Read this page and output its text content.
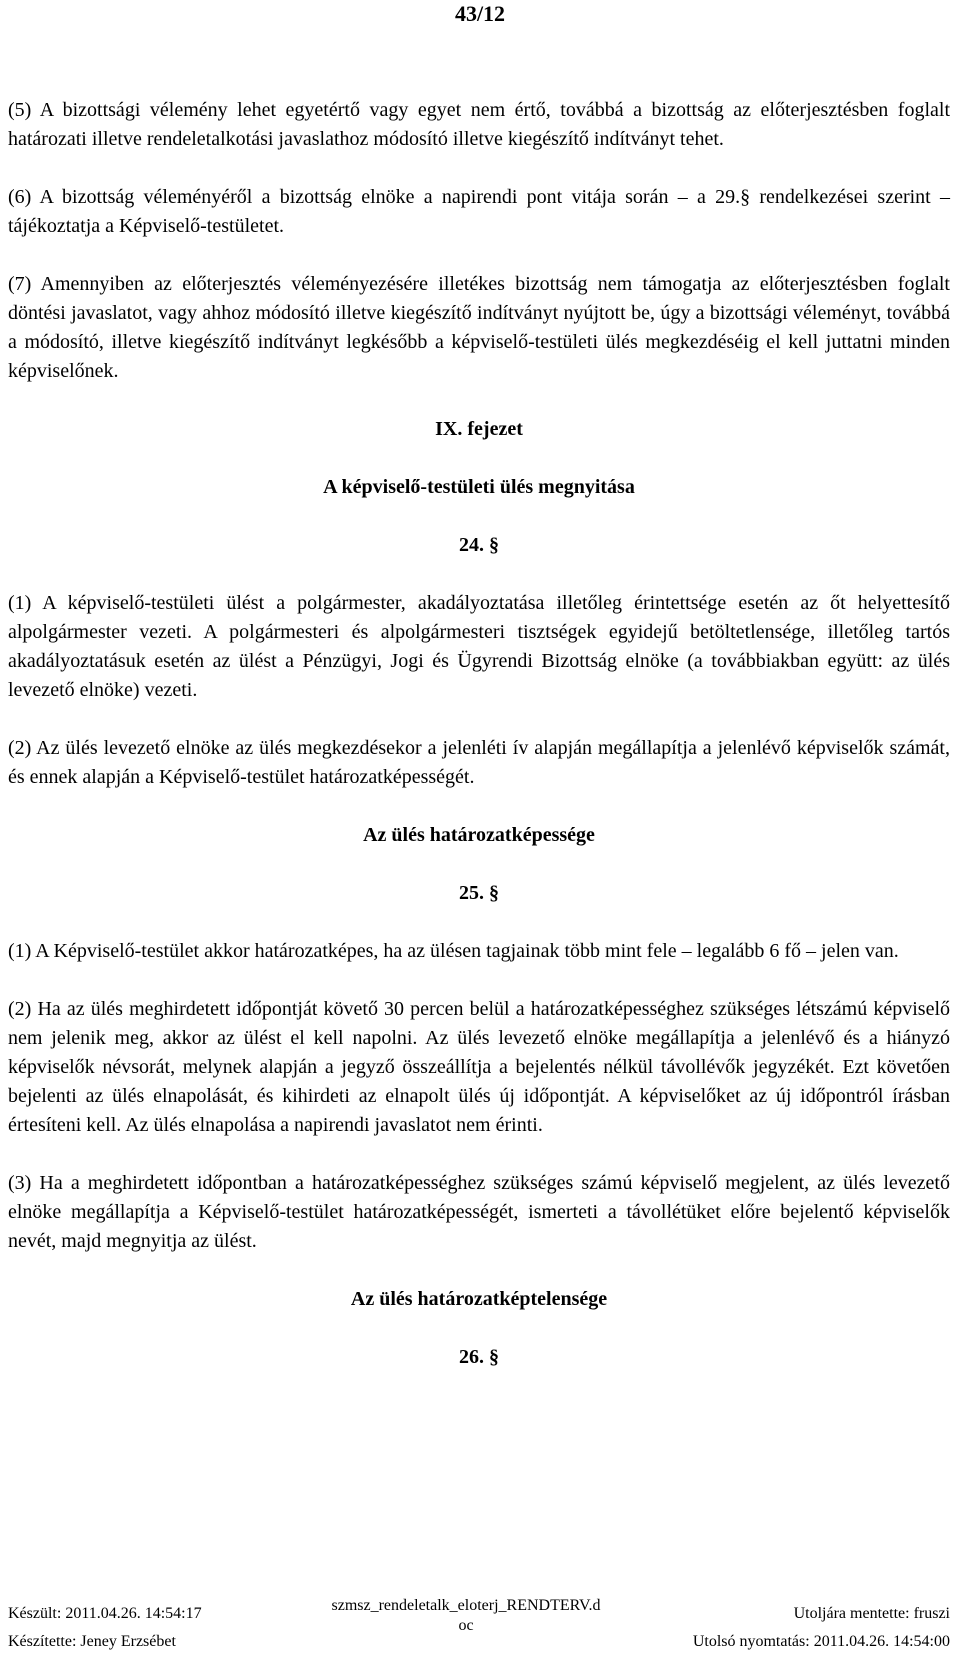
43/12

(5) A bizottsági vélemény lehet egyetértő vagy egyet nem értő, továbbá a bizottság az előterjesztésben foglalt határozati illetve rendeletalkotási javaslathoz módosító illetve kiegészítő indítványt tehet.

(6) A bizottság véleményéről a bizottság elnöke a napirendi pont vitája során – a 29.§ rendelkezései szerint – tájékoztatja a Képviselő-testületet.

(7) Amennyiben az előterjesztés véleményezésére illetékes bizottság nem támogatja az előterjesztésben foglalt döntési javaslatot, vagy ahhoz módosító illetve kiegészítő indítványt nyújtott be, úgy a bizottsági véleményt, továbbá a módosító, illetve kiegészítő indítványt legkésőbb a képviselő-testületi ülés megkezdéséig el kell juttatni minden képviselőnek.

IX. fejezet

A képviselő-testületi ülés megnyitása

24. §

(1) A képviselő-testületi ülést a polgármester, akadályoztatása illetőleg érintettsége esetén az őt helyettesítő alpolgármester vezeti. A polgármesteri és alpolgármesteri tisztségek egyidejű betöltetlensége, illetőleg tartós akadályoztatásuk esetén az ülést a Pénzügyi, Jogi és Ügyrendi Bizottság elnöke (a továbbiakban együtt: az ülés levezető elnöke) vezeti.

(2) Az ülés levezető elnöke az ülés megkezdésekor a jelenléti ív alapján megállapítja a jelenlévő képviselők számát, és ennek alapján a Képviselő-testület határozatképességét.

Az ülés határozatképessége

25. §

(1) A Képviselő-testület akkor határozatképes, ha az ülésen tagjainak több mint fele – legalább 6 fő – jelen van.

(2) Ha az ülés meghirdetett időpontját követő 30 percen belül a határozatképességhez szükséges létszámú képviselő nem jelenik meg, akkor az ülést el kell napolni. Az ülés levezető elnöke megállapítja a jelenlévő és a hiányzó képviselők névsorát, melynek alapján a jegyző összeállítja a bejelentés nélkül távollévők jegyzékét. Ezt követően bejelenti az ülés elnapolását, és kihirdeti az elnapolt ülés új időpontját. A képviselőket az új időpontról írásban értesíteni kell. Az ülés elnapolása a napirendi javaslatot nem érinti.

(3) Ha a meghirdetett időpontban a határozatképességhez szükséges számú képviselő megjelent, az ülés levezető elnöke megállapítja a Képviselő-testület határozatképességét, ismerteti a távollétüket előre bejelentő képviselők nevét, majd megnyitja az ülést.

Az ülés határozatképtelensége

26. §

Készült: 2011.04.26. 14:54:17	Utoljára mentette: fruszi
Készítette: Jeney Erzsébet	Utolsó nyomtatás: 2011.04.26. 14:54:00
szmsz_rendeletalk_eloterj_RENDTERV.d
oc
